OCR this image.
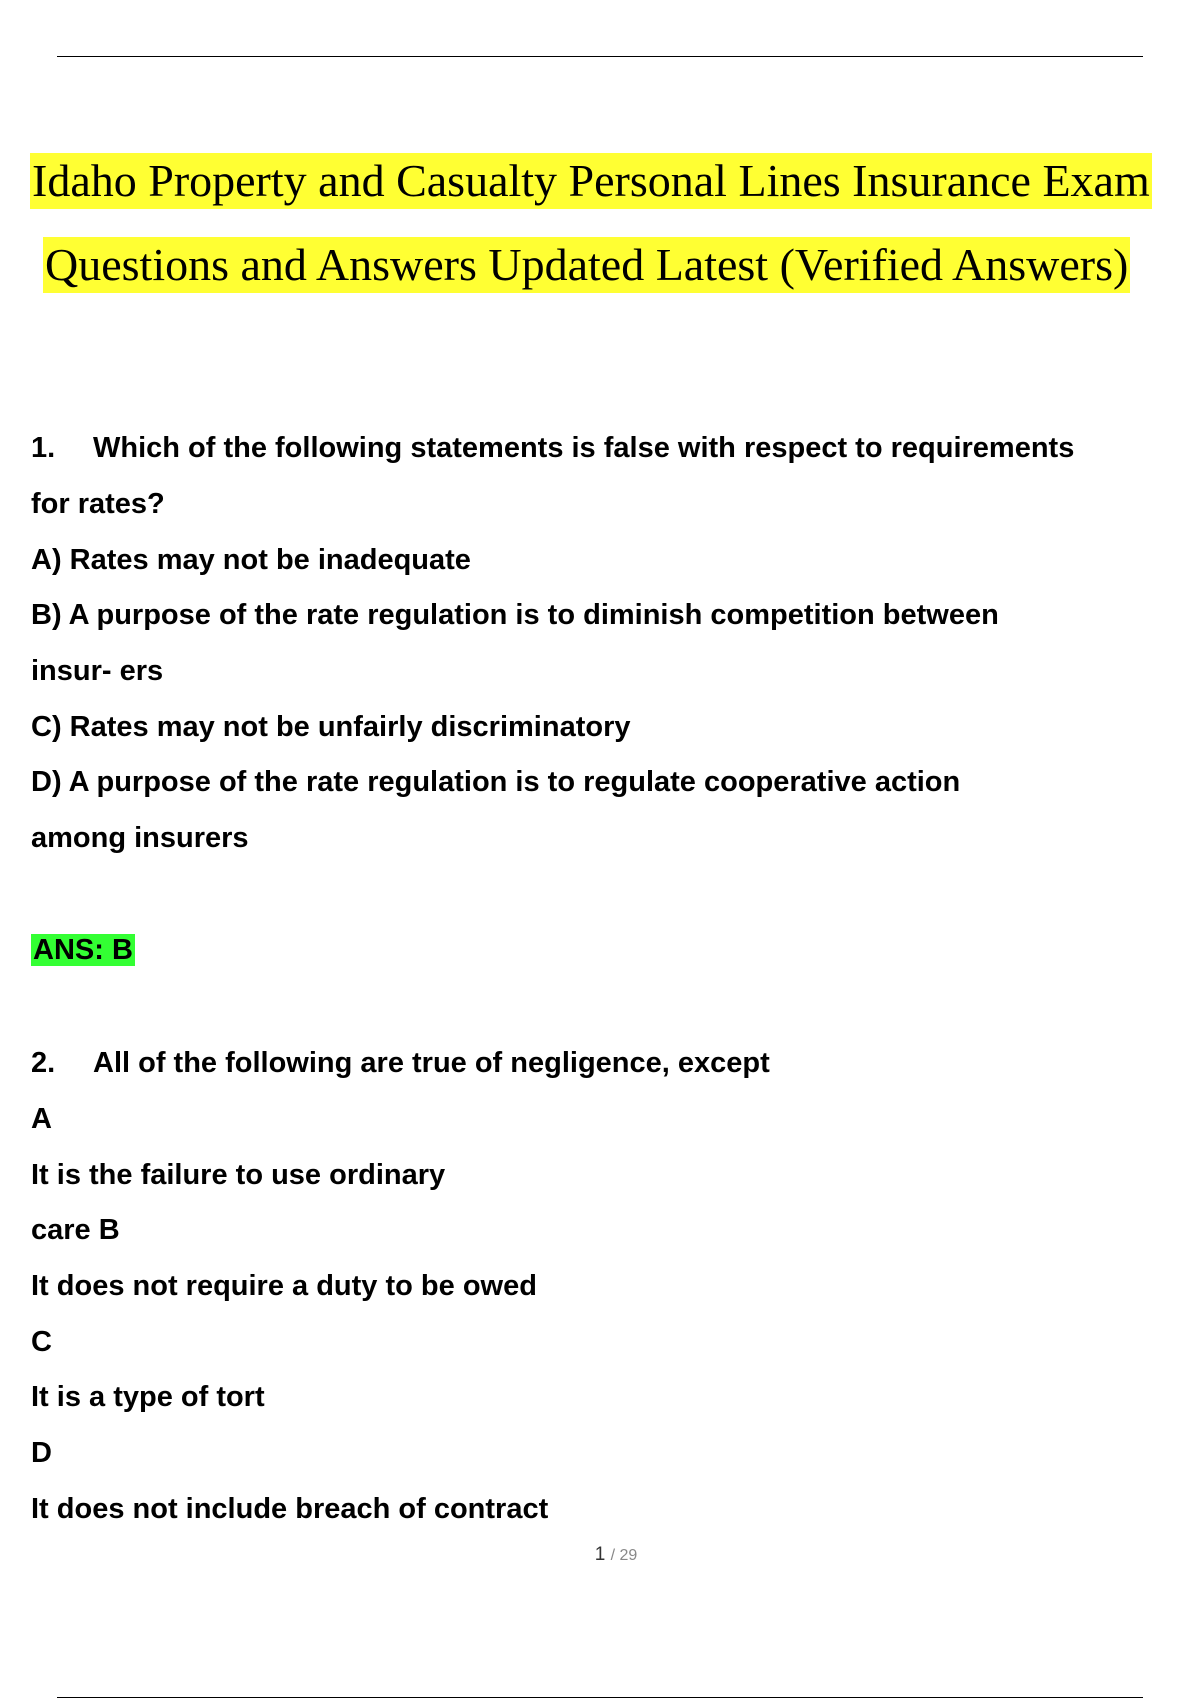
Idaho Property and Casualty Personal Lines Insurance Exam
Questions and Answers Updated Latest (Verified Answers)
1. Which of the following statements is false with respect to requirements
for rates?
A) Rates may not be inadequate
B) A purpose of the rate regulation is to diminish competition between
insur- ers
C) Rates may not be unfairly discriminatory
D) A purpose of the rate regulation is to regulate cooperative action
among insurers
ANS: B
2. All of the following are true of negligence, except
A
It is the failure to use ordinary
care B
It does not require a duty to be owed
C
It is a type of tort
D
It does not include breach of contract
1 / 29
